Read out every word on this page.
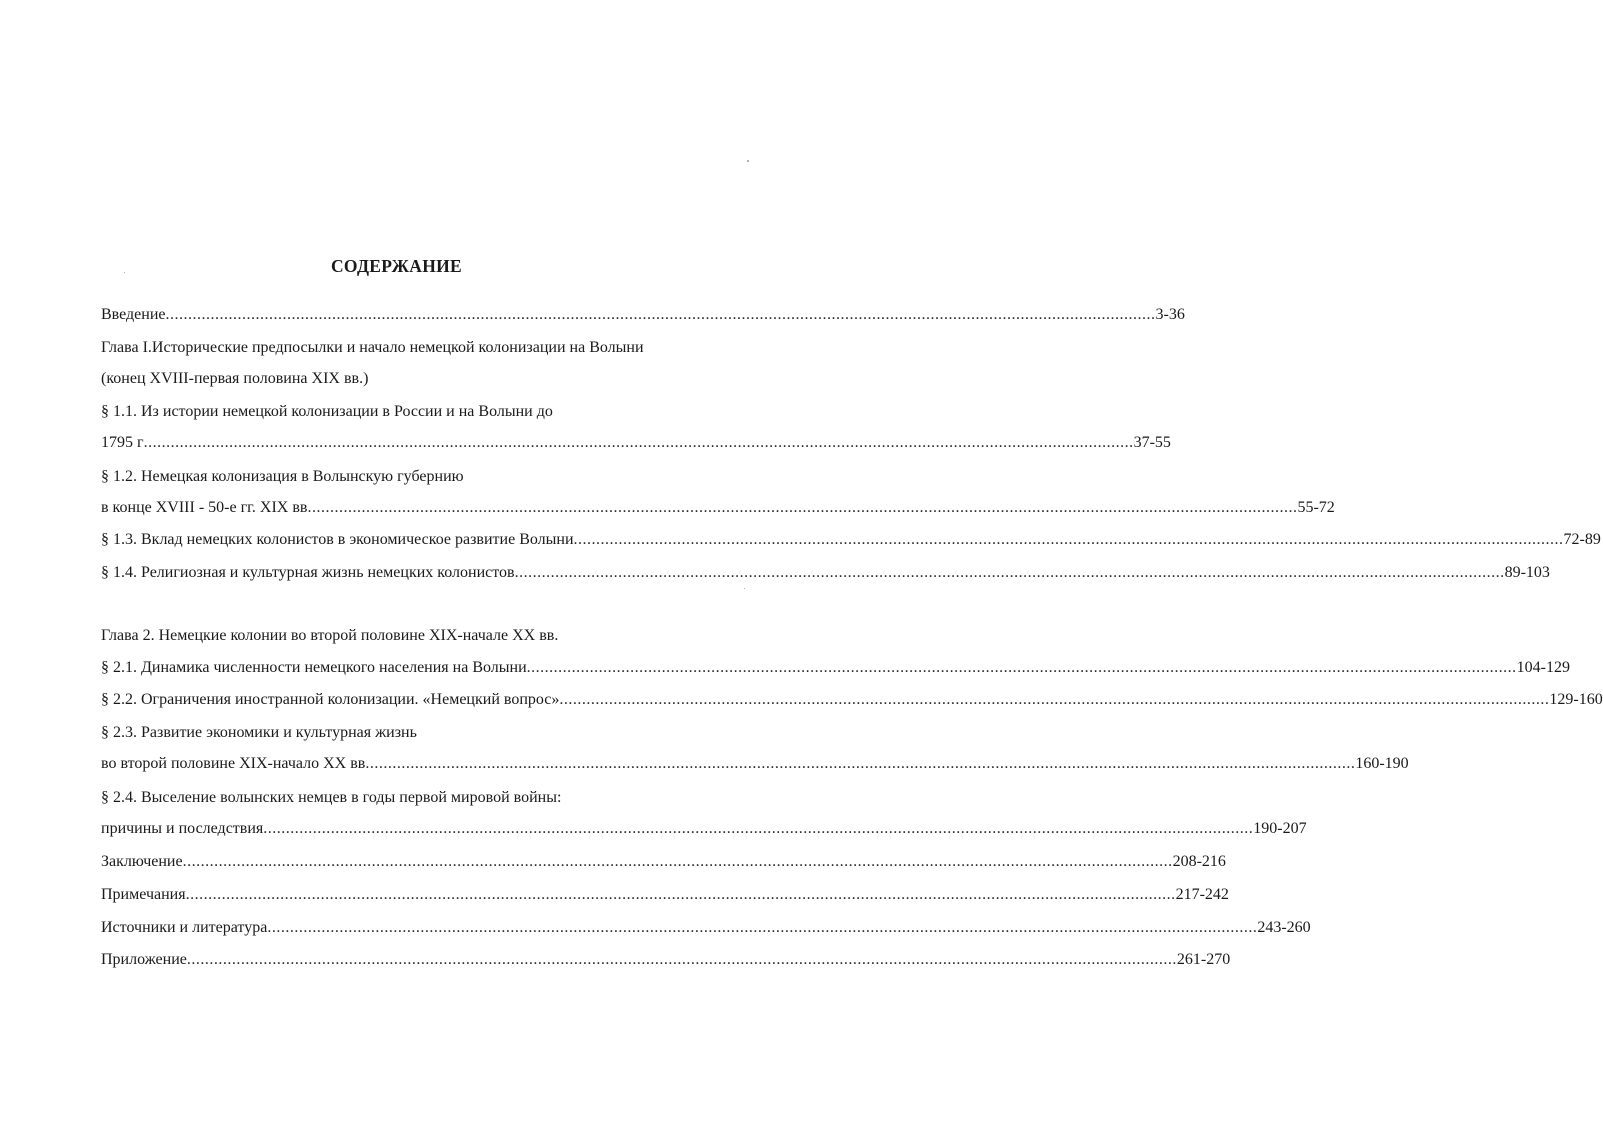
СОДЕРЖАНИЕ
Введение ............................................................................................................................................................................................................................ 3-36
Глава I.Исторические предпосылки и начало немецкой колонизации на Волыни
(конец XVIII-первая половина XIX вв.)
§ 1.1. Из истории немецкой колонизации в России и на Волыни до
1795 г ............................................................................................................................................................................................................................ 37-55
§ 1.2. Немецкая колонизация в Волынскую губернию
в конце XVIII - 50-е гг. XIX вв ............................................................................................................................................................................................................................ 55-72
§ 1.3. Вклад немецких колонистов в экономическое развитие Волыни ............................................................................................................................................................................................................................ 72-89
§ 1.4. Религиозная и культурная жизнь немецких колонистов ............................................................................................................................................................................................................................ 89-103
Глава 2. Немецкие колонии во второй половине XIX-начале XX вв.
§ 2.1. Динамика численности немецкого населения на Волыни ............................................................................................................................................................................................................................ 104-129
§ 2.2. Ограничения иностранной колонизации. «Немецкий вопрос» ............................................................................................................................................................................................................................ 129-160
§ 2.3. Развитие экономики и культурная жизнь
во второй половине XIX-начало XX вв ............................................................................................................................................................................................................................ 160-190
§ 2.4. Выселение волынских немцев в годы первой мировой войны:
причины и последствия ............................................................................................................................................................................................................................ 190-207
Заключение ............................................................................................................................................................................................................................ 208-216
Примечания ............................................................................................................................................................................................................................ 217-242
Источники и литература ............................................................................................................................................................................................................................ 243-260
Приложение ............................................................................................................................................................................................................................ 261-270
